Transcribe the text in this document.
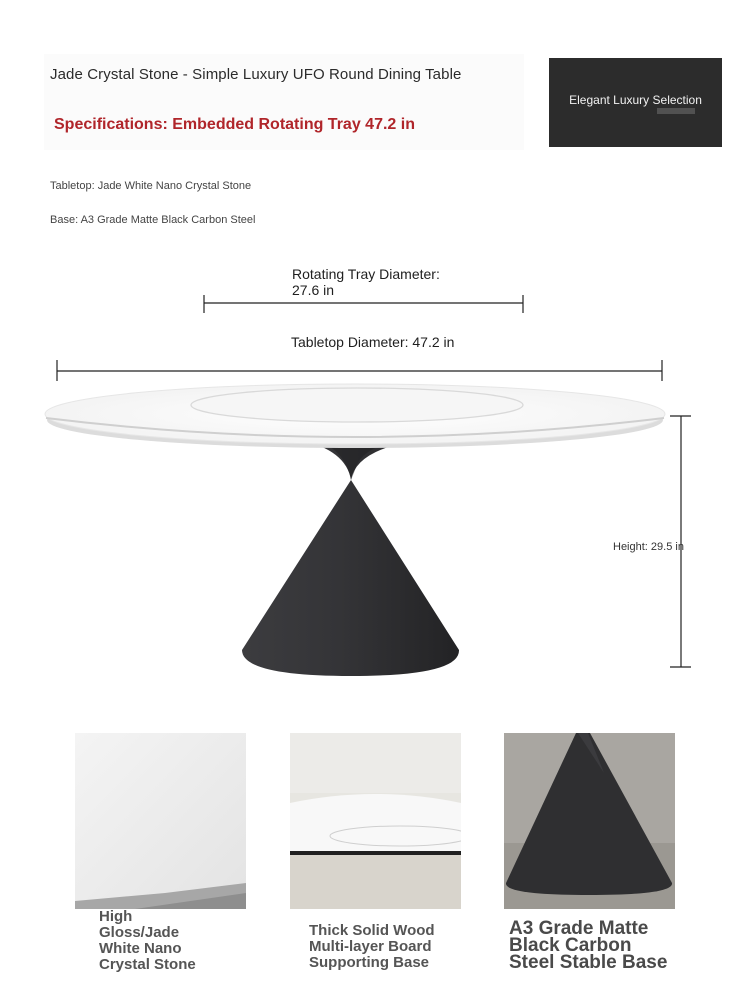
Jade Crystal Stone - Simple Luxury UFO Round Dining Table
Specifications: Embedded Rotating Tray 47.2 in
Elegant Luxury Selection
Tabletop: Jade White Nano Crystal Stone
Base: A3 Grade Matte Black Carbon Steel
Rotating Tray Diameter:
27.6 in
Tabletop Diameter: 47.2 in
Height: 29.5 in
High
Gloss/Jade
White Nano
Crystal Stone
Thick Solid Wood
Multi-layer Board
Supporting Base
A3 Grade Matte
Black Carbon
Steel Stable Base
